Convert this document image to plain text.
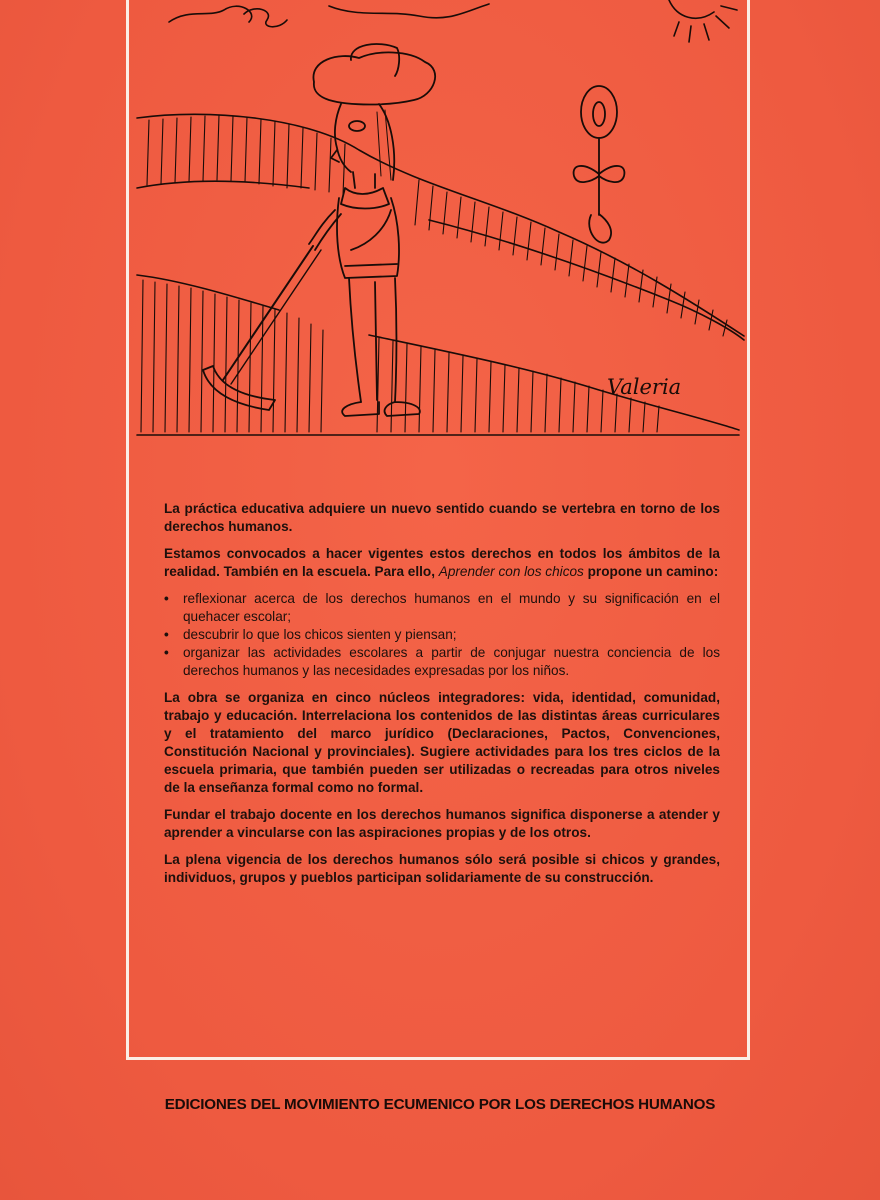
Valeria

La práctica educativa adquiere un nuevo sentido cuando se vertebra en torno de los derechos humanos.

Estamos convocados a hacer vigentes estos derechos en todos los ámbitos de la realidad. También en la escuela. Para ello, Aprender con los chicos propone un camino:

• reflexionar acerca de los derechos humanos en el mundo y su significación en el quehacer escolar;
• descubrir lo que los chicos sienten y piensan;
• organizar las actividades escolares a partir de conjugar nuestra conciencia de los derechos humanos y las necesidades expresadas por los niños.

La obra se organiza en cinco núcleos integradores: vida, identidad, comunidad, trabajo y educación. Interrelaciona los contenidos de las distintas áreas curriculares y el tratamiento del marco jurídico (Declaraciones, Pactos, Convenciones, Constitución Nacional y provinciales). Sugiere actividades para los tres ciclos de la escuela primaria, que también pueden ser utilizadas o recreadas para otros niveles de la enseñanza formal como no formal.

Fundar el trabajo docente en los derechos humanos significa disponerse a atender y aprender a vincularse con las aspiraciones propias y de los otros.

La plena vigencia de los derechos humanos sólo será posible si chicos y grandes, individuos, grupos y pueblos participan solidariamente de su construcción.

EDICIONES DEL MOVIMIENTO ECUMENICO POR LOS DERECHOS HUMANOS
